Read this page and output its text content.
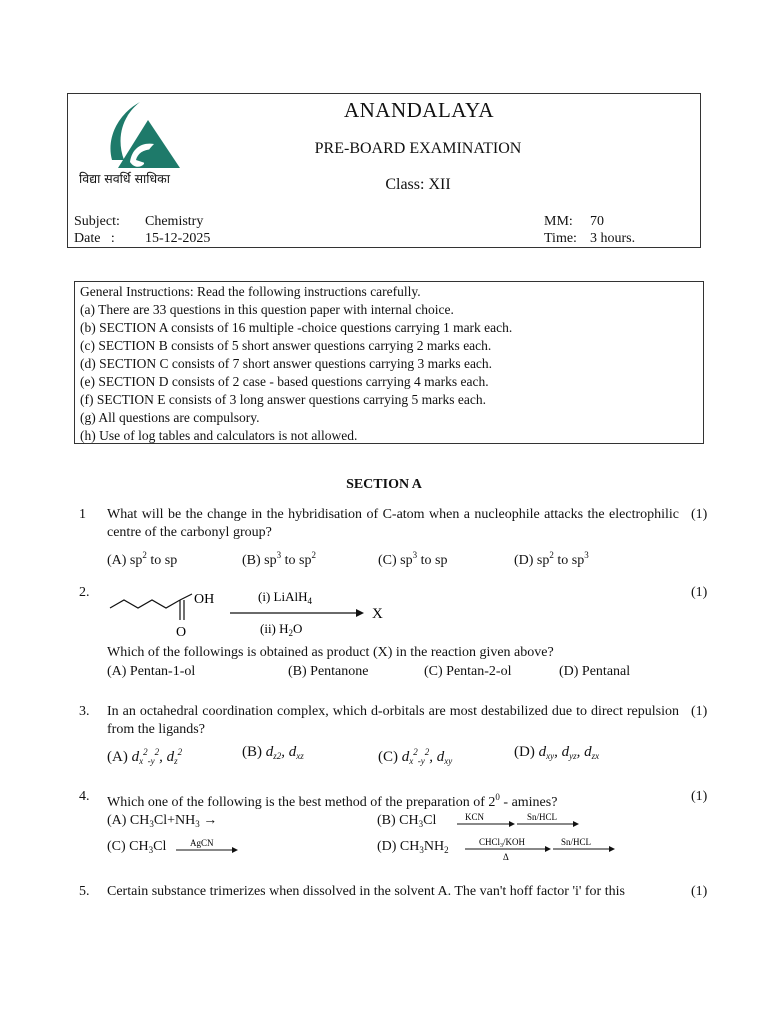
विद्या सवर्धि साधिका
ANANDALAYA
PRE-BOARD EXAMINATION
Class: XII
Subject: Chemistry
Date   : 15-12-2025
MM: 70
Time: 3 hours.
General Instructions: Read the following instructions carefully.
(a) There are 33 questions in this question paper with internal choice.
(b) SECTION A consists of 16 multiple -choice questions carrying 1 mark each.
(c) SECTION B consists of 5 short answer questions carrying 2 marks each.
(d) SECTION C consists of 7 short answer questions carrying 3 marks each.
(e) SECTION D consists of 2 case - based questions carrying 4 marks each.
(f) SECTION E consists of 3 long answer questions carrying 5 marks each.
(g) All questions are compulsory.
(h) Use of log tables and calculators is not allowed.
SECTION A
1 What will be the change in the hybridisation of C-atom when a nucleophile attacks the electrophilic centre of the carbonyl group?
(1)
(A) $sp^2$ to sp	(B) $sp^3$ to $sp^2$	(C) $sp^3$ to sp	(D) $sp^2$ to $sp^3$
2.	(1)
OH
O
(i) LiAlH$_4$
(ii) $H_2O$
X
Which of the followings is obtained as product (X) in the reaction given above?
(A) Pentan-1-ol	(B) Pentanone	(C) Pentan-2-ol	(D) Pentanal
3. In an octahedral coordination complex, which d-orbitals are most destabilized due to direct repulsion from the ligands?
(1)
(A) $d_x^2_{-y}^2$, $d_z^2$	(B) $d_{z2}$, $d_{xz}$	(C) $d_x^2_{-y}^2$, $d_{xy}$
(D) $d_{xy}$, $d_{yz}$, $d_{zx}$
4. Which one of the following is the best method of the preparation of $2^0$ - amines?	(1)
(A) $CH_3Cl+NH_3$ →	(B) $CH_3Cl$	KCN	Sn/HCL
(C) $CH_3Cl$	AgCN	(D) $CH_3NH_2$
CHCl$_3$/KOH
Δ
Sn/HCL
5. Certain substance trimerizes when dissolved in the solvent A. The van't hoff factor 'i' for this	(1)
